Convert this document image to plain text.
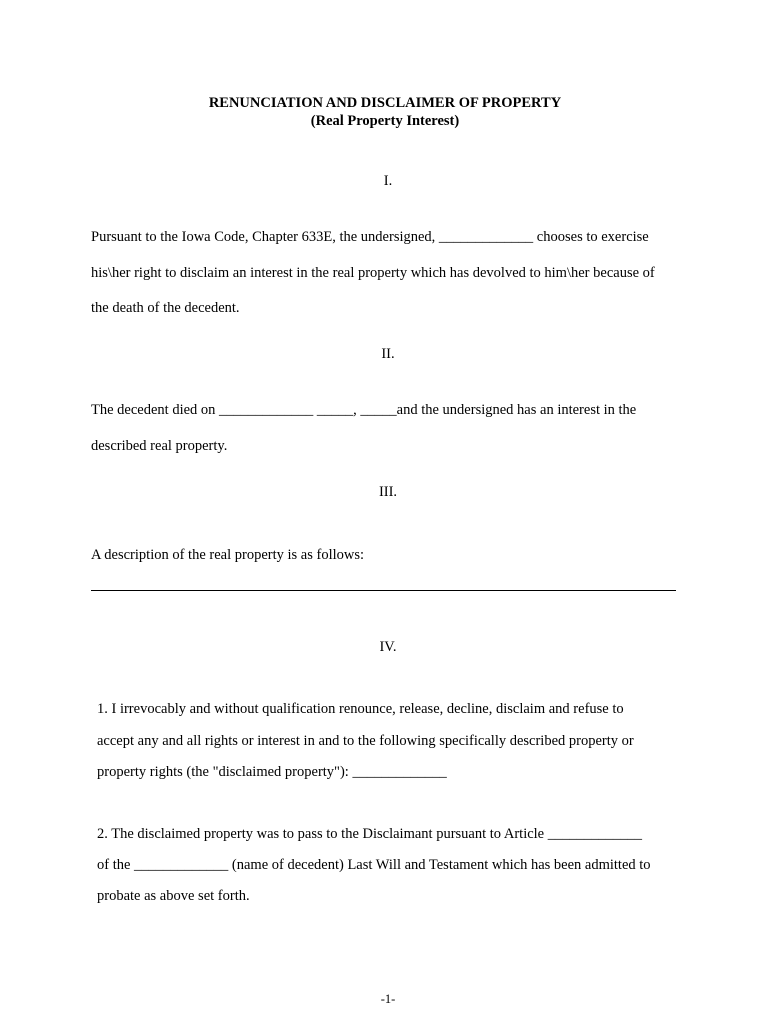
RENUNCIATION AND DISCLAIMER OF PROPERTY
(Real Property Interest)
I.
Pursuant to the Iowa Code, Chapter 633E, the undersigned, _____________ chooses to exercise
his\her right to disclaim an interest in the real property which has devolved to him\her because of
the death of the decedent.
II.
The decedent died on _____________ _____, _____and the undersigned has an interest in the
described real property.
III.
A description of the real property is as follows:
IV.
1. I irrevocably and without qualification renounce, release, decline, disclaim and refuse to
accept any and all rights or interest in and to the following specifically described property or
property rights (the "disclaimed property"): _____________
2. The disclaimed property was to pass to the Disclaimant pursuant to Article _____________
of the _____________ (name of decedent) Last Will and Testament which has been admitted to
probate as above set forth.
-1-
